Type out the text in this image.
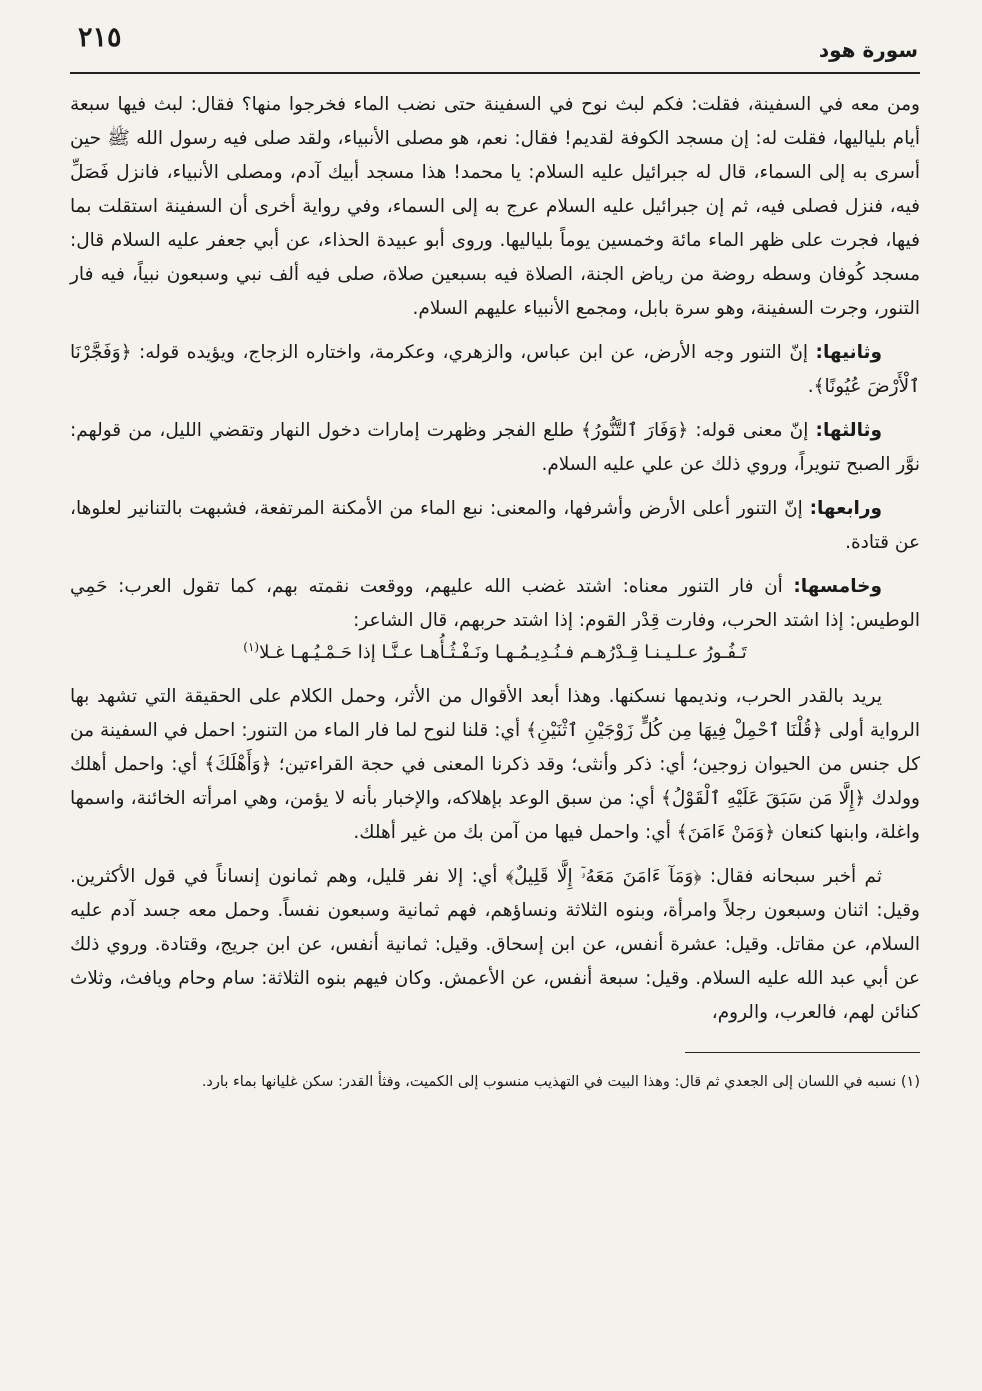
٢١٥	سورة هود

ومن معه في السفينة، فقلت: فكم لبث نوح في السفينة حتى نضب الماء فخرجوا منها؟ فقال: لبث فيها سبعة أيام بلياليها، فقلت له: إن مسجد الكوفة لقديم! فقال: نعم، هو مصلى الأنبياء، ولقد صلى فيه رسول الله ﷺ حين أسرى به إلى السماء، قال له جبرائيل عليه السلام: يا محمد! هذا مسجد أبيك آدم، ومصلى الأنبياء، فانزل فَصَلِّ فيه، فنزل فصلى فيه، ثم إن جبرائيل عليه السلام عرج به إلى السماء، وفي رواية أخرى أن السفينة استقلت بما فيها، فجرت على ظهر الماء مائة وخمسين يوماً بلياليها. وروى أبو عبيدة الحذاء، عن أبي جعفر عليه السلام قال: مسجد كُوفان وسطه روضة من رياض الجنة، الصلاة فيه بسبعين صلاة، صلى فيه ألف نبي وسبعون نبياً، فيه فار التنور، وجرت السفينة، وهو سرة بابل، ومجمع الأنبياء عليهم السلام.

وثانيها: إنّ التنور وجه الأرض، عن ابن عباس، والزهري، وعكرمة، واختاره الزجاج، ويؤيده قوله: ﴿وَفَجَّرْنَا ٱلْأَرْضَ عُيُونًا﴾.

وثالثها: إنّ معنى قوله: ﴿وَفَارَ ٱلتَّنُّورُ﴾ طلع الفجر وظهرت إمارات دخول النهار وتقضي الليل، من قولهم: نوَّر الصبح تنويراً، وروي ذلك عن علي عليه السلام.

ورابعها: إنّ التنور أعلى الأرض وأشرفها، والمعنى: نبع الماء من الأمكنة المرتفعة، فشبهت بالتنانير لعلوها، عن قتادة.

وخامسها: أن فار التنور معناه: اشتد غضب الله عليهم، ووقعت نقمته بهم، كما تقول العرب: حَمِي الوطيس: إذا اشتد الحرب، وفارت قِدْر القوم: إذا اشتد حربهم، قال الشاعر:

تَـفُـورُ عـلـيـنـا قِـدْرُهـم فـنُـدِيـمُـهـا ونَـفْـثُـأُهـا عـنَّـا إذا حَـمْـيُـهـا غـلا$^{(١)}$

يريد بالقدر الحرب، ونديمها نسكنها. وهذا أبعد الأقوال من الأثر، وحمل الكلام على الحقيقة التي تشهد بها الرواية أولى ﴿قُلْنَا ٱحْمِلْ فِيهَا مِن كُلٍّ زَوْجَيْنِ ٱثْنَيْنِ﴾ أي: قلنا لنوح لما فار الماء من التنور: احمل في السفينة من كل جنس من الحيوان زوجين؛ أي: ذكر وأنثى؛ وقد ذكرنا المعنى في حجة القراءتين؛ ﴿وَأَهْلَكَ﴾ أي: واحمل أهلك وولدك ﴿إِلَّا مَن سَبَقَ عَلَيْهِ ٱلْقَوْلُ﴾ أي: من سبق الوعد بإهلاكه، والإخبار بأنه لا يؤمن، وهي امرأته الخائنة، واسمها واغلة، وابنها كنعان ﴿وَمَنْ ءَامَنَ﴾ أي: واحمل فيها من آمن بك من غير أهلك.

ثم أخبر سبحانه فقال: ﴿وَمَآ ءَامَنَ مَعَهُۥٓ إِلَّا قَلِيلٌ﴾ أي: إلا نفر قليل، وهم ثمانون إنساناً في قول الأكثرين. وقيل: اثنان وسبعون رجلاً وامرأة، وبنوه الثلاثة ونساؤهم، فهم ثمانية وسبعون نفساً. وحمل معه جسد آدم عليه السلام، عن مقاتل. وقيل: عشرة أنفس، عن ابن إسحاق. وقيل: ثمانية أنفس، عن ابن جريج، وقتادة. وروي ذلك عن أبي عبد الله عليه السلام. وقيل: سبعة أنفس، عن الأعمش. وكان فيهم بنوه الثلاثة: سام وحام ويافث، وثلاث كنائن لهم، فالعرب، والروم،

(١) نسبه في اللسان إلى الجعدي ثم قال: وهذا البيت في التهذيب منسوب إلى الكميت، وفثأ القدر: سكن غليانها بماء بارد.
